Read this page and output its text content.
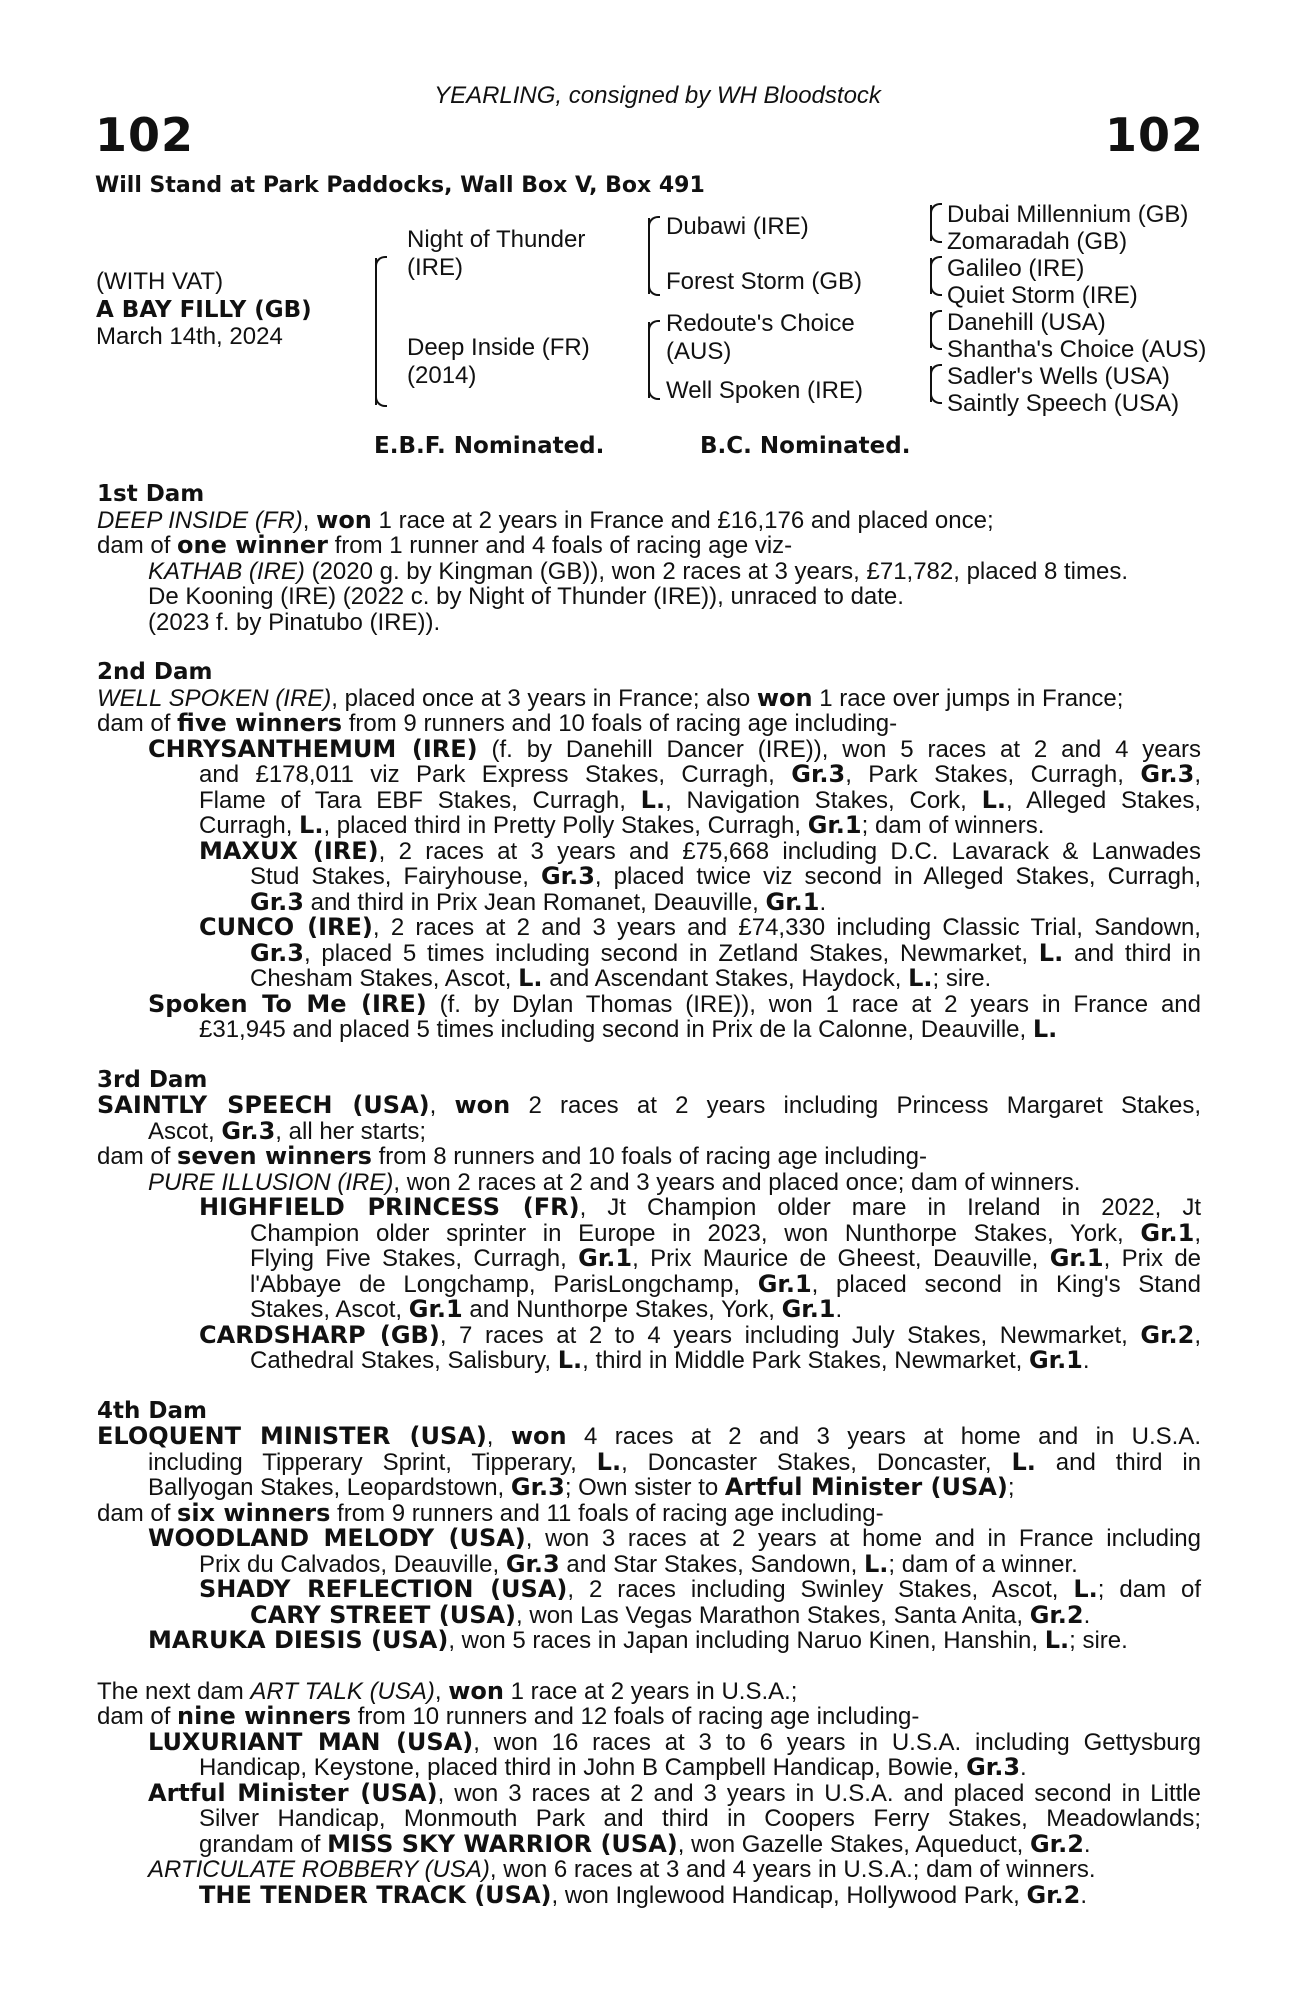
YEARLING, consigned by WH Bloodstock
102	102
Will Stand at Park Paddocks, Wall Box V, Box 491
(WITH VAT)
A BAY FILLY (GB)
March 14th, 2024
Night of Thunder
(IRE)
Deep Inside (FR)
(2014)
Dubawi (IRE)
Forest Storm (GB)
Redoute's Choice
(AUS)
Well Spoken (IRE)
Dubai Millennium (GB)
Zomaradah (GB)
Galileo (IRE)
Quiet Storm (IRE)
Danehill (USA)
Shantha's Choice (AUS)
Sadler's Wells (USA)
Saintly Speech (USA)
E.B.F. Nominated.	B.C. Nominated.
1st Dam
DEEP INSIDE (FR), won 1 race at 2 years in France and £16,176 and placed once;
dam of one winner from 1 runner and 4 foals of racing age viz-
KATHAB (IRE) (2020 g. by Kingman (GB)), won 2 races at 3 years, £71,782, placed 8 times.
De Kooning (IRE) (2022 c. by Night of Thunder (IRE)), unraced to date.
(2023 f. by Pinatubo (IRE)).
2nd Dam
WELL SPOKEN (IRE), placed once at 3 years in France; also won 1 race over jumps in France;
dam of five winners from 9 runners and 10 foals of racing age including-
CHRYSANTHEMUM (IRE) (f. by Danehill Dancer (IRE)), won 5 races at 2 and 4 years
and £178,011 viz Park Express Stakes, Curragh, Gr.3, Park Stakes, Curragh, Gr.3,
Flame of Tara EBF Stakes, Curragh, L., Navigation Stakes, Cork, L., Alleged Stakes,
Curragh, L., placed third in Pretty Polly Stakes, Curragh, Gr.1; dam of winners.
MAXUX (IRE), 2 races at 3 years and £75,668 including D.C. Lavarack & Lanwades
Stud Stakes, Fairyhouse, Gr.3, placed twice viz second in Alleged Stakes, Curragh,
Gr.3 and third in Prix Jean Romanet, Deauville, Gr.1.
CUNCO (IRE), 2 races at 2 and 3 years and £74,330 including Classic Trial, Sandown,
Gr.3, placed 5 times including second in Zetland Stakes, Newmarket, L. and third in
Chesham Stakes, Ascot, L. and Ascendant Stakes, Haydock, L.; sire.
Spoken To Me (IRE) (f. by Dylan Thomas (IRE)), won 1 race at 2 years in France and
£31,945 and placed 5 times including second in Prix de la Calonne, Deauville, L.
3rd Dam
SAINTLY SPEECH (USA), won 2 races at 2 years including Princess Margaret Stakes,
Ascot, Gr.3, all her starts;
dam of seven winners from 8 runners and 10 foals of racing age including-
PURE ILLUSION (IRE), won 2 races at 2 and 3 years and placed once; dam of winners.
HIGHFIELD PRINCESS (FR), Jt Champion older mare in Ireland in 2022, Jt
Champion older sprinter in Europe in 2023, won Nunthorpe Stakes, York, Gr.1,
Flying Five Stakes, Curragh, Gr.1, Prix Maurice de Gheest, Deauville, Gr.1, Prix de
l'Abbaye de Longchamp, ParisLongchamp, Gr.1, placed second in King's Stand
Stakes, Ascot, Gr.1 and Nunthorpe Stakes, York, Gr.1.
CARDSHARP (GB), 7 races at 2 to 4 years including July Stakes, Newmarket, Gr.2,
Cathedral Stakes, Salisbury, L., third in Middle Park Stakes, Newmarket, Gr.1.
4th Dam
ELOQUENT MINISTER (USA), won 4 races at 2 and 3 years at home and in U.S.A.
including Tipperary Sprint, Tipperary, L., Doncaster Stakes, Doncaster, L. and third in
Ballyogan Stakes, Leopardstown, Gr.3; Own sister to Artful Minister (USA);
dam of six winners from 9 runners and 11 foals of racing age including-
WOODLAND MELODY (USA), won 3 races at 2 years at home and in France including
Prix du Calvados, Deauville, Gr.3 and Star Stakes, Sandown, L.; dam of a winner.
SHADY REFLECTION (USA), 2 races including Swinley Stakes, Ascot, L.; dam of
CARY STREET (USA), won Las Vegas Marathon Stakes, Santa Anita, Gr.2.
MARUKA DIESIS (USA), won 5 races in Japan including Naruo Kinen, Hanshin, L.; sire.
The next dam ART TALK (USA), won 1 race at 2 years in U.S.A.;
dam of nine winners from 10 runners and 12 foals of racing age including-
LUXURIANT MAN (USA), won 16 races at 3 to 6 years in U.S.A. including Gettysburg
Handicap, Keystone, placed third in John B Campbell Handicap, Bowie, Gr.3.
Artful Minister (USA), won 3 races at 2 and 3 years in U.S.A. and placed second in Little
Silver Handicap, Monmouth Park and third in Coopers Ferry Stakes, Meadowlands;
grandam of MISS SKY WARRIOR (USA), won Gazelle Stakes, Aqueduct, Gr.2.
ARTICULATE ROBBERY (USA), won 6 races at 3 and 4 years in U.S.A.; dam of winners.
THE TENDER TRACK (USA), won Inglewood Handicap, Hollywood Park, Gr.2.
